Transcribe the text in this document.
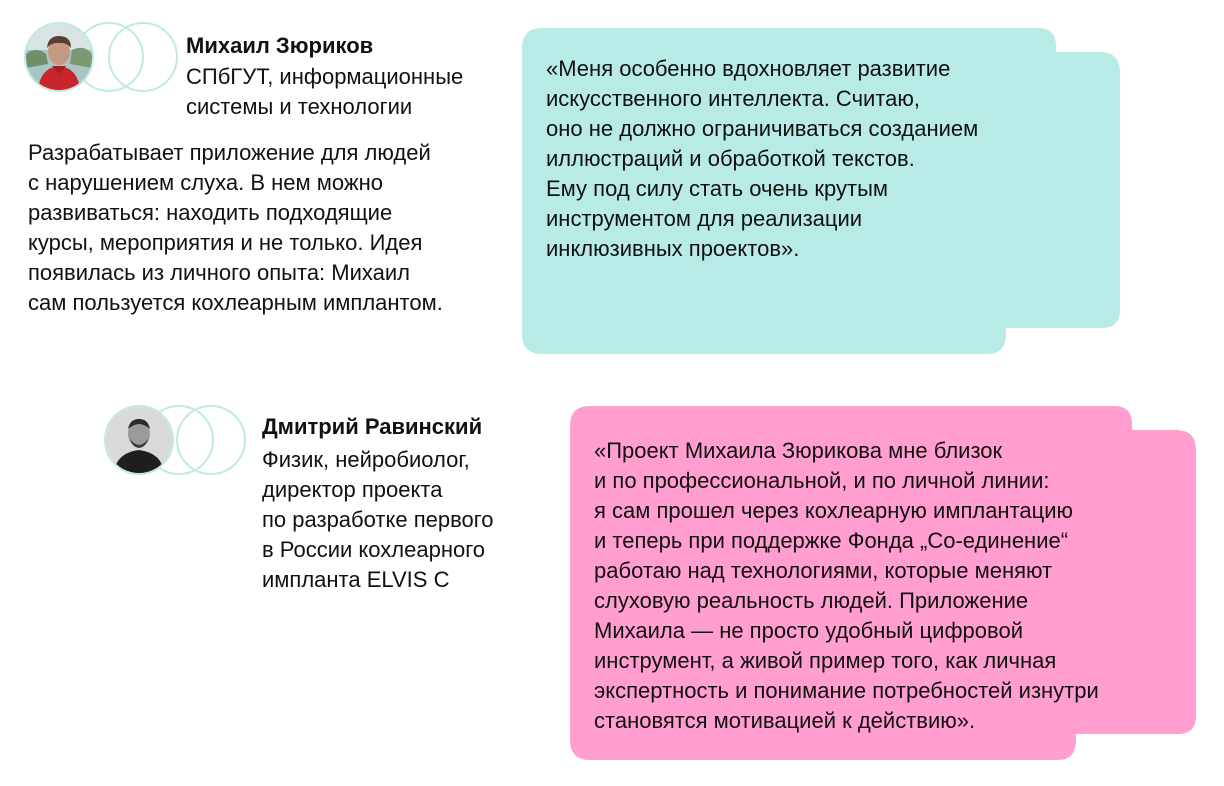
Михаил Зюриков

СПбГУТ, информационные
системы и технологии

Разрабатывает приложение для людей
с нарушением слуха. В нем можно
развиваться: находить подходящие
курсы, мероприятия и не только. Идея
появилась из личного опыта: Михаил
сам пользуется кохлеарным имплантом.

«Меня особенно вдохновляет развитие
искусственного интеллекта. Считаю,
оно не должно ограничиваться созданием
иллюстраций и обработкой текстов.
Ему под силу стать очень крутым
инструментом для реализации
инклюзивных проектов».

Дмитрий Равинский

Физик, нейробиолог,
директор проекта
по разработке первого
в России кохлеарного
импланта ELVIS C

«Проект Михаила Зюрикова мне близок
и по профессиональной, и по личной линии:
я сам прошел через кохлеарную имплантацию
и теперь при поддержке Фонда „Со-единение“
работаю над технологиями, которые меняют
слуховую реальность людей. Приложение
Михаила — не просто удобный цифровой
инструмент, а живой пример того, как личная
экспертность и понимание потребностей изнутри
становятся мотивацией к действию».
